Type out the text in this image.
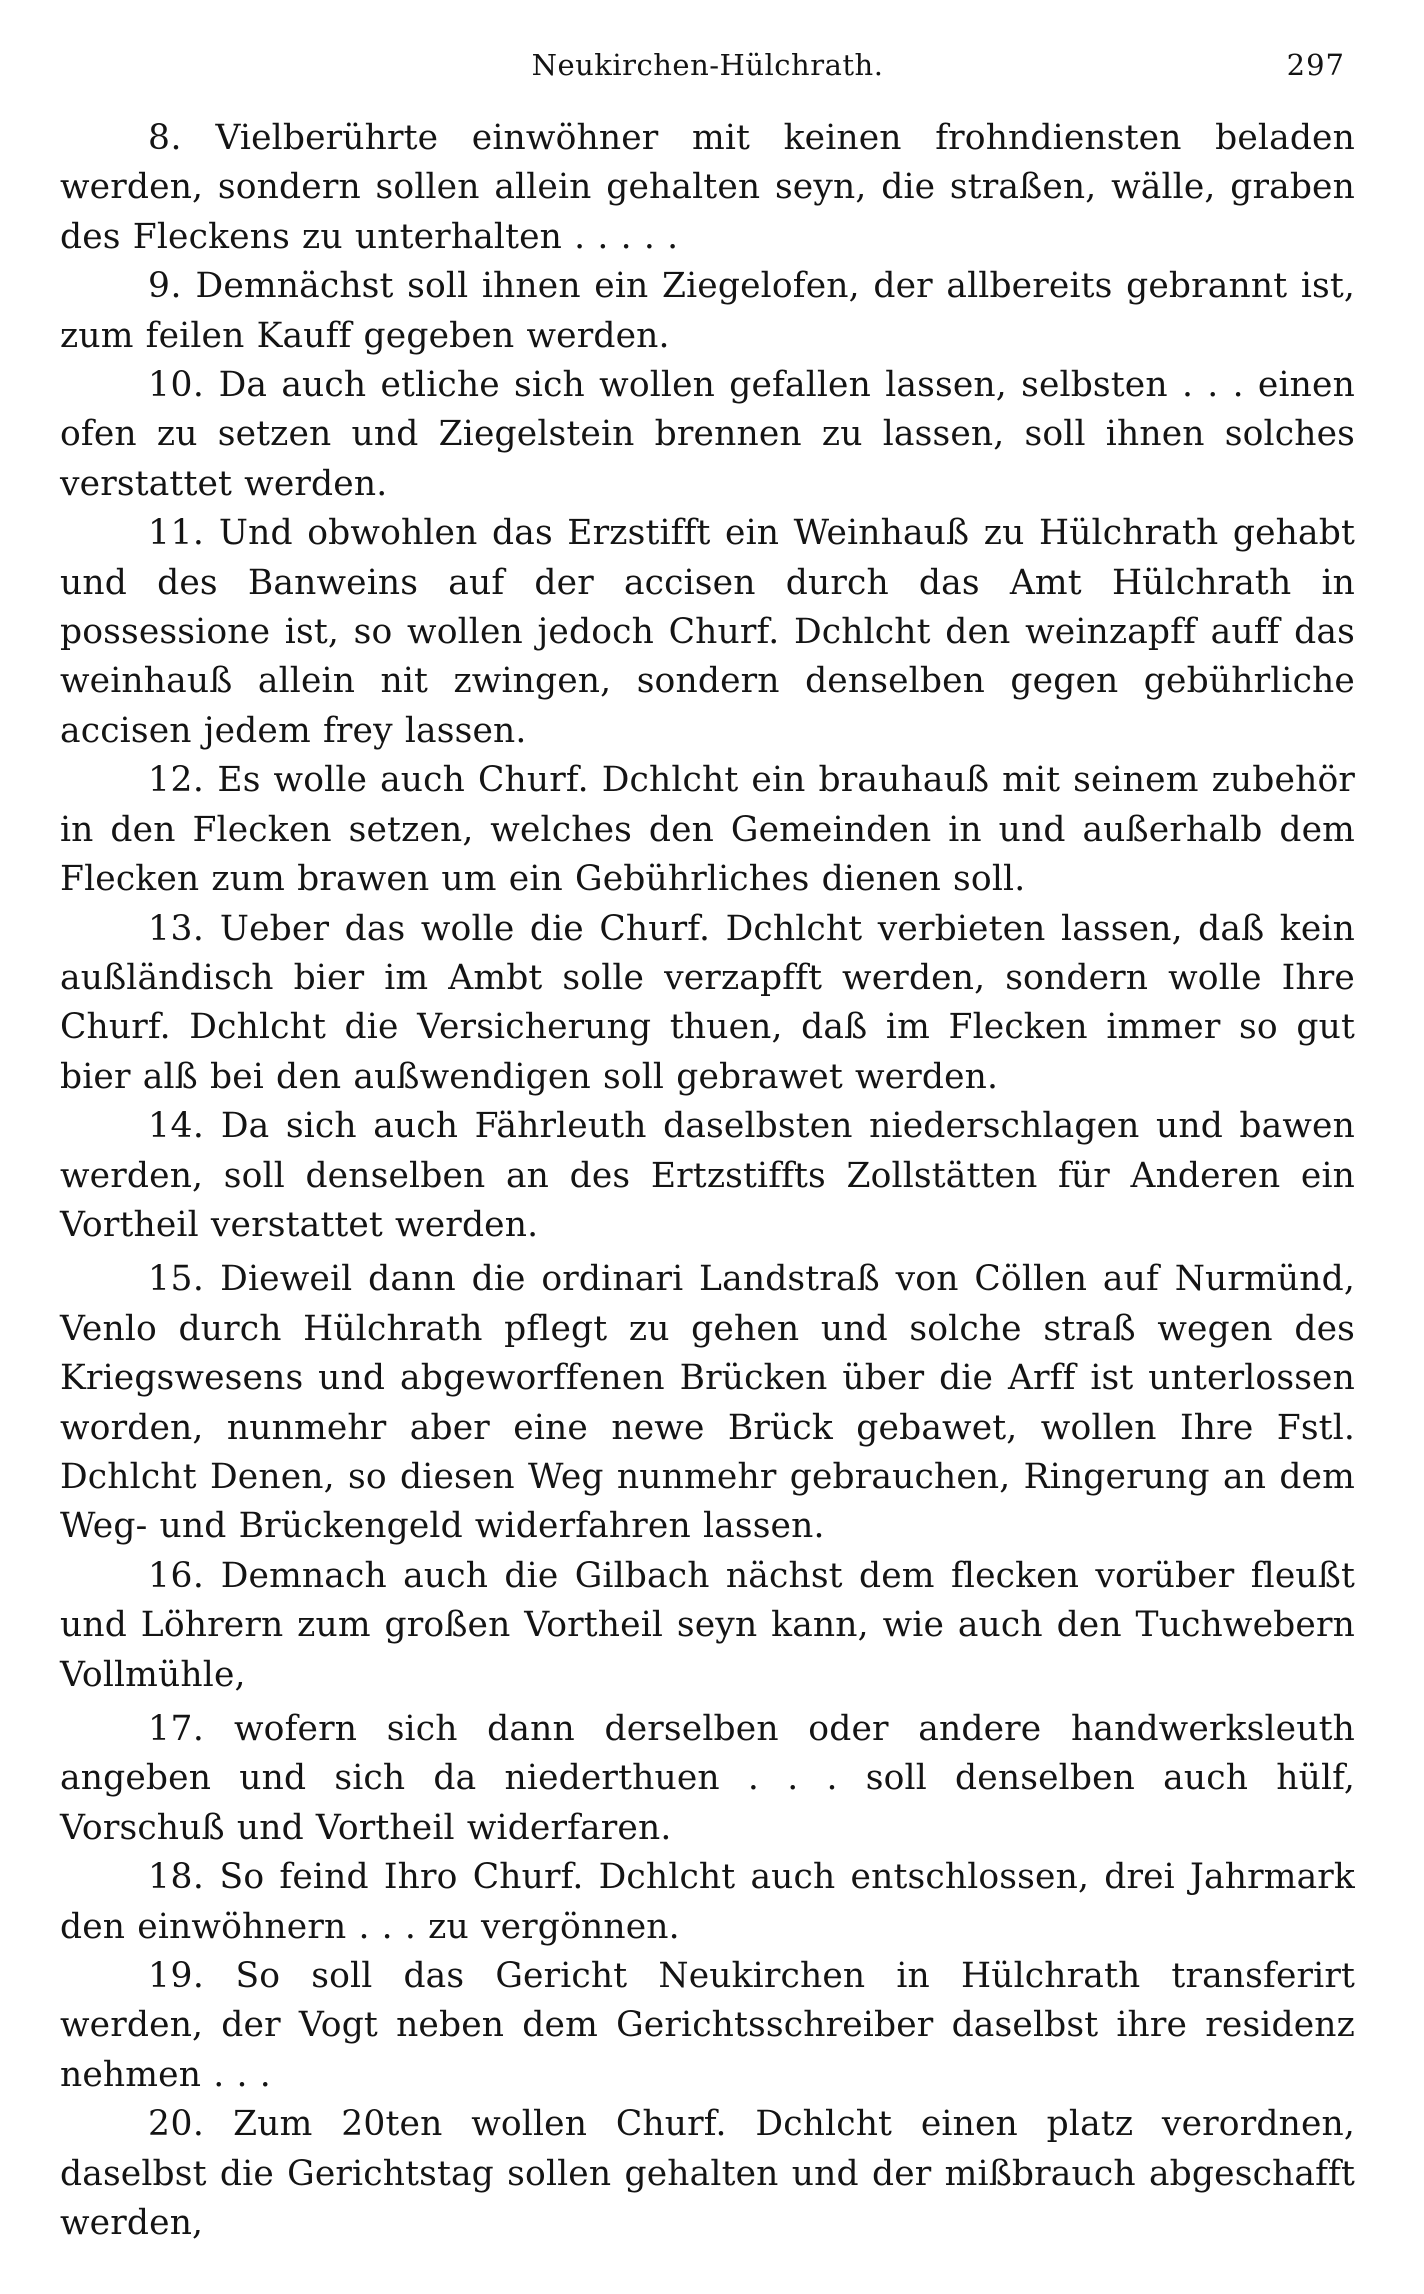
Neukirchen-Hülchrath.	297

8. Vielberührte einwöhner mit keinen frohndiensten beladen werden, sondern sollen allein gehalten seyn, die straßen, wälle, graben des Fleckens zu unterhalten . . . . .

9. Demnächst soll ihnen ein Ziegelofen, der allbereits gebrannt ist, zum feilen Kauff gegeben werden.

10. Da auch etliche sich wollen gefallen lassen, selbsten . . . einen ofen zu setzen und Ziegelstein brennen zu lassen, soll ihnen solches verstattet werden.

11. Und obwohlen das Erzstifft ein Weinhauß zu Hülchrath gehabt und des Banweins auf der accisen durch das Amt Hülchrath in possessione ist, so wollen jedoch Churf. Dchlcht den weinzapff auff das weinhauß allein nit zwingen, sondern denselben gegen gebührliche accisen jedem frey lassen.

12. Es wolle auch Churf. Dchlcht ein brauhauß mit seinem zubehör in den Flecken setzen, welches den Gemeinden in und außerhalb dem Flecken zum brawen um ein Gebührliches dienen soll.

13. Ueber das wolle die Churf. Dchlcht verbieten lassen, daß kein außländisch bier im Ambt solle verzapfft werden, sondern wolle Ihre Churf. Dchlcht die Versicherung thuen, daß im Flecken immer so gut bier alß bei den außwendigen soll gebrawet werden.

14. Da sich auch Fährleuth daselbsten niederschlagen und bawen werden, soll denselben an des Ertzstiffts Zollstätten für Anderen ein Vortheil verstattet werden.

15. Dieweil dann die ordinari Landstraß von Cöllen auf Nurmünd, Venlo durch Hülchrath pflegt zu gehen und solche straß wegen des Kriegswesens und abgeworffenen Brücken über die Arff ist unterlossen worden, nunmehr aber eine newe Brück gebawet, wollen Ihre Fstl. Dchlcht Denen, so diesen Weg nunmehr gebrauchen, Ringerung an dem Weg- und Brückengeld widerfahren lassen.

16. Demnach auch die Gilbach nächst dem flecken vorüber fleußt und Löhrern zum großen Vortheil seyn kann, wie auch den Tuchwebern Vollmühle,

17. wofern sich dann derselben oder andere handwerksleuth angeben und sich da niederthuen . . . soll denselben auch hülf, Vorschuß und Vortheil widerfaren.

18. So feind Ihro Churf. Dchlcht auch entschlossen, drei Jahrmark den einwöhnern . . . zu vergönnen.

19. So soll das Gericht Neukirchen in Hülchrath transferirt werden, der Vogt neben dem Gerichtsschreiber daselbst ihre residenz nehmen . . .

20. Zum 20ten wollen Churf. Dchlcht einen platz verordnen, daselbst die Gerichtstag sollen gehalten und der mißbrauch abgeschafft werden,
